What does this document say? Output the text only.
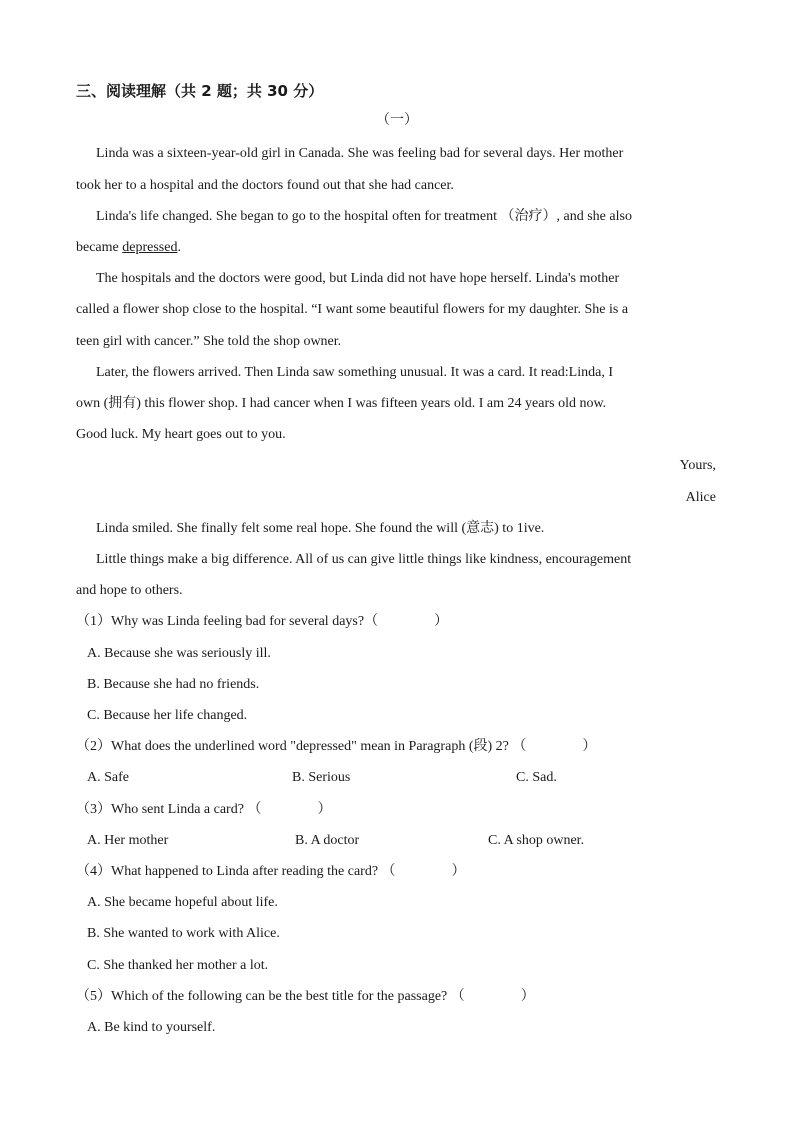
三、阅读理解（共 2 题；共 30 分）
（一）
Linda was a sixteen-year-old girl in Canada. She was feeling bad for several days. Her mother
took her to a hospital and the doctors found out that she had cancer.
Linda's life changed. She began to go to the hospital often for treatment （治疗）, and she also
became depressed.
The hospitals and the doctors were good, but Linda did not have hope herself. Linda's mother
called a flower shop close to the hospital. “I want some beautiful flowers for my daughter. She is a
teen girl with cancer.” She told the shop owner.
Later, the flowers arrived. Then Linda saw something unusual. It was a card. It read:Linda, I
own (拥有) this flower shop. I had cancer when I was fifteen years old. I am 24 years old now.
Good luck. My heart goes out to you.
Yours,
Alice
Linda smiled. She finally felt some real hope. She found the will (意志) to 1ive.
Little things make a big difference. All of us can give little things like kindness, encouragement
and hope to others.
（1）Why was Linda feeling bad for several days?（　　　　）
A. Because she was seriously ill.
B. Because she had no friends.
C. Because her life changed.
（2）What does the underlined word "depressed" mean in Paragraph (段) 2? （　　　　）
A. Safe	B. Serious	C. Sad.
（3）Who sent Linda a card? （　　　　）
A. Her mother	B. A doctor	C. A shop owner.
（4）What happened to Linda after reading the card? （　　　　）
A. She became hopeful about life.
B. She wanted to work with Alice.
C. She thanked her mother a lot.
（5）Which of the following can be the best title for the passage? （　　　　）
A. Be kind to yourself.
